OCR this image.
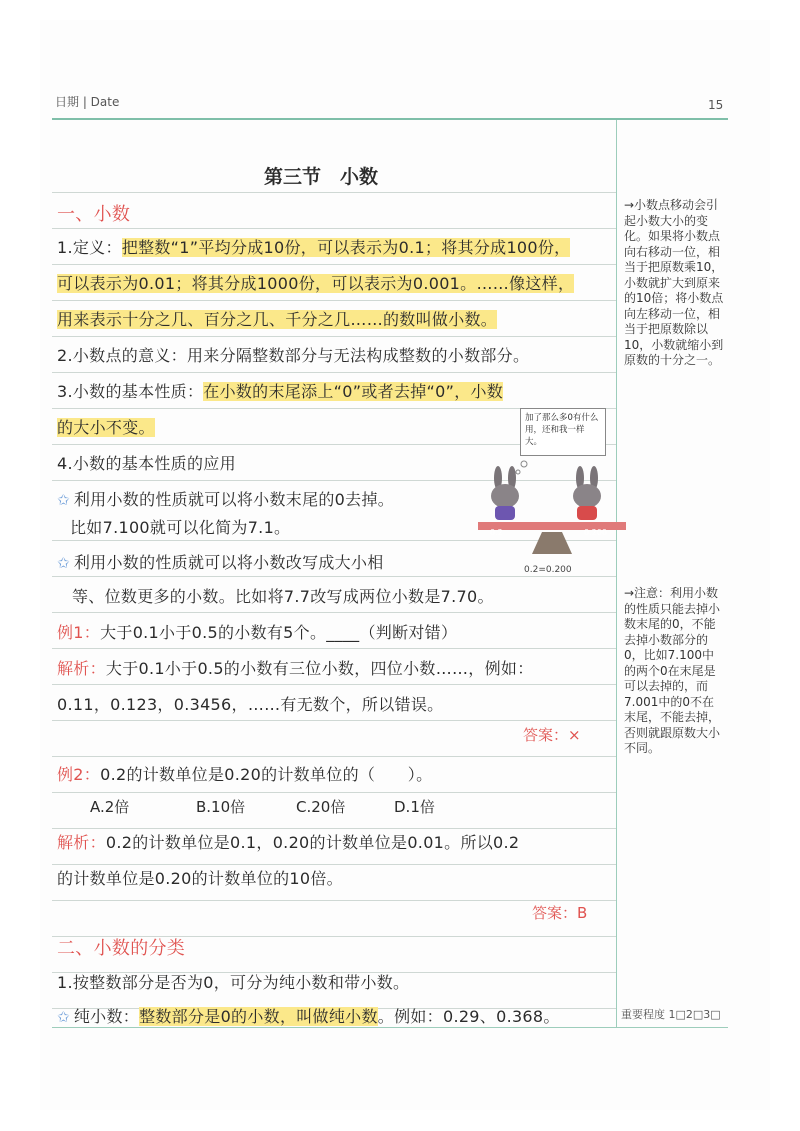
日期 | Date	15
第三节　小数
一、小数
1.定义：把整数“1”平均分成10份，可以表示为0.1；将其分成100份，
可以表示为0.01；将其分成1000份，可以表示为0.001。……像这样，
用来表示十分之几、百分之几、千分之几……的数叫做小数。
2.小数点的意义：用来分隔整数部分与无法构成整数的小数部分。
3.小数的基本性质：在小数的末尾添上“0”或者去掉“0”，小数
的大小不变。
4.小数的基本性质的应用
✩ 利用小数的性质就可以将小数末尾的0去掉。
比如7.100就可以化简为7.1。
✩ 利用小数的性质就可以将小数改写成大小相
等、位数更多的小数。比如将7.7改写成两位小数是7.70。
例1：大于0.1小于0.5的小数有5个。____（判断对错）
解析：大于0.1小于0.5的小数有三位小数，四位小数……，例如：
0.11，0.123，0.3456，……有无数个，所以错误。
答案：×
例2：0.2的计数单位是0.20的计数单位的（　　）。
A.2倍	B.10倍	C.20倍	D.1倍
解析：0.2的计数单位是0.1，0.20的计数单位是0.01。所以0.2
的计数单位是0.20的计数单位的10倍。
答案：B
二、小数的分类
1.按整数部分是否为0，可分为纯小数和带小数。
✩ 纯小数：整数部分是0的小数，叫做纯小数。例如：0.29、0.368。
加了那么多0有什么用，还和我一样大。
0.2	0.200
0.2=0.200
→小数点移动会引起小数大小的变化。如果将小数点向右移动一位，相当于把原数乘10，小数就扩大到原来的10倍；将小数点向左移动一位，相当于把原数除以10，小数就缩小到原数的十分之一。
→注意：利用小数的性质只能去掉小数末尾的0，不能去掉小数部分的0，比如7.100中的两个0在末尾是可以去掉的，而7.001中的0不在末尾，不能去掉，否则就跟原数大小不同。
重要程度 1□2□3□
